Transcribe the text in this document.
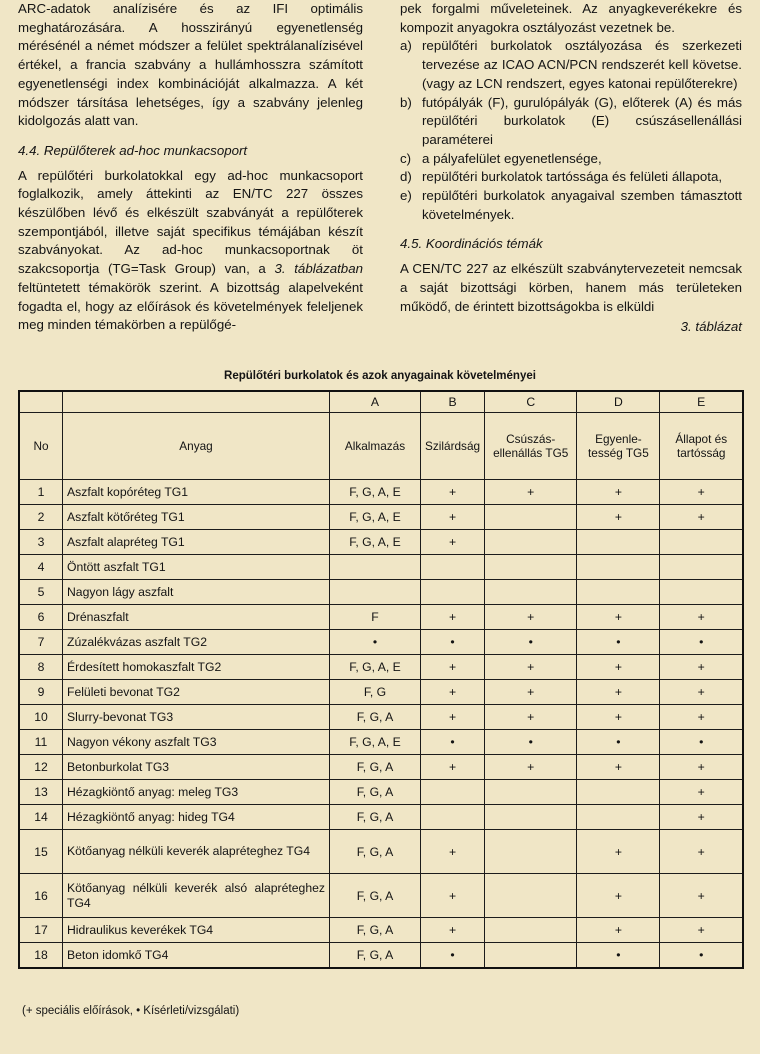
ARC-adatok analízisére és az IFI optimális meghatározására. A hosszirányú egyenetlenség mérésénél a német módszer a felület spektrálanalízisével értékel, a francia szabvány a hullámhosszra számított egyenetlenségi index kombinációját alkalmazza. A két módszer társítása lehetséges, így a szabvány jelenleg kidolgozás alatt van.

4.4. Repülőterek ad-hoc munkacsoport

A repülőtéri burkolatokkal egy ad-hoc munkacsoport foglalkozik, amely áttekinti az EN/TC 227 összes készülőben lévő és elkészült szabványát a repülőterek szempontjából, illetve saját specifikus témájában készít szabványokat. Az ad-hoc munkacsoportnak öt szakcsoportja (TG=Task Group) van, a 3. táblázatban feltüntetett témakörök szerint. A bizottság alapelveként fogadta el, hogy az előírások és követelmények feleljenek meg minden témakörben a repülőgé-

pek forgalmi műveleteinek. Az anyagkeverékekre és kompozit anyagokra osztályozást vezetnek be.

a) repülőtéri burkolatok osztályozása és szerkezeti tervezése az ICAO ACN/PCN rendszerét kell követse. (vagy az LCN rendszert, egyes katonai repülőterekre)
b) futópályák (F), gurulópályák (G), előterek (A) és más repülőtéri burkolatok (E) csúszásellenállási paraméterei
c) a pályafelület egyenetlensége,
d) repülőtéri burkolatok tartóssága és felületi állapota,
e) repülőtéri burkolatok anyagaival szemben támasztott követelmények.
4.5. Koordinációs témák

A CEN/TC 227 az elkészült szabványtervezeteit nemcsak a saját bizottsági körben, hanem más területeken működő, de érintett bizottságokba is elküldi

3. táblázat
Repülőtéri burkolatok és azok anyagainak követelményei
		A	B	C	D	E
No	Anyag	Alkalmazás	Szilárdság	Csúszás-ellenállás TG5	Egyenle-tesség TG5	Állapot és tartósság
1	Aszfalt kopóréteg TG1	F, G, A, E	+	+	+	+
2	Aszfalt kötőréteg TG1	F, G, A, E	+		+	+
3	Aszfalt alapréteg TG1	F, G, A, E	+			
4	Öntött aszfalt TG1					

5	Nagyon lágy aszfalt					

6	Drénaszfalt	F	+	+	+	+
7	Zúzalékvázas aszfalt TG2	•	•	•	•	•
8	Érdesített homokaszfalt TG2	F, G, A, E	+	+	+	+
9	Felületi bevonat TG2	F, G	+	+	+	+
10	Slurry-bevonat TG3	F, G, A	+	+	+	+
11	Nagyon vékony aszfalt TG3	F, G, A, E	•	•	•	•
12	Betonburkolat TG3	F, G, A	+	+	+	+
13	Hézagkiöntő anyag: meleg TG3	F, G, A				+
14	Hézagkiöntő anyag: hideg TG4	F, G, A				+
15	Kötőanyag nélküli keverék alapréteghez TG4	F, G, A	+		+	+
16	Kötőanyag nélküli keverék alsó alapréteghez TG4	F, G, A	+		+	+
17	Hidraulikus keverékek TG4	F, G, A	+		+	+
18	Beton idomkő TG4	F, G, A	•		•	•
(+ speciális előírások, • Kísérleti/vizsgálati)
